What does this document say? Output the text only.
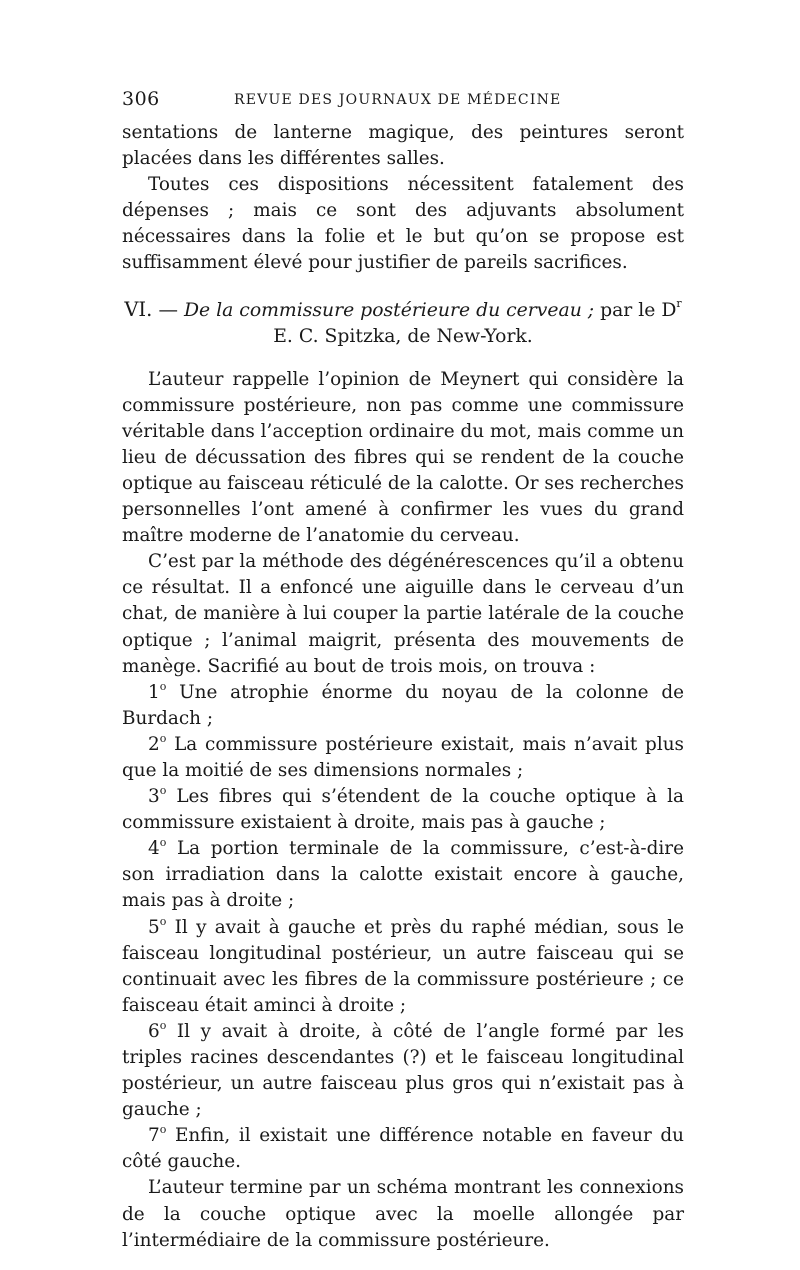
306	REVUE DES JOURNAUX DE MÉDECINE

sentations de lanterne magique, des peintures seront placées dans les différentes salles.

Toutes ces dispositions nécessitent fatalement des dépenses ; mais ce sont des adjuvants absolument nécessaires dans la folie et le but qu’on se propose est suffisamment élevé pour justifier de pareils sacrifices.

VI. — De la commissure postérieure du cerveau ; par le $D^r$ E. C. Spitzka, de New-York.

L’auteur rappelle l’opinion de Meynert qui considère la commissure postérieure, non pas comme une commissure véritable dans l’acception ordinaire du mot, mais comme un lieu de décussation des fibres qui se rendent de la couche optique au faisceau réticulé de la calotte. Or ses recherches personnelles l’ont amené à confirmer les vues du grand maître moderne de l’anatomie du cerveau.

C’est par la méthode des dégénérescences qu’il a obtenu ce résultat. Il a enfoncé une aiguille dans le cerveau d’un chat, de manière à lui couper la partie latérale de la couche optique ; l’animal maigrit, présenta des mouvements de manège. Sacrifié au bout de trois mois, on trouva :

1$^o$ Une atrophie énorme du noyau de la colonne de Burdach ;

2$^o$ La commissure postérieure existait, mais n’avait plus que la moitié de ses dimensions normales ;

3$^o$ Les fibres qui s’étendent de la couche optique à la commissure existaient à droite, mais pas à gauche ;

4$^o$ La portion terminale de la commissure, c’est-à-dire son irradiation dans la calotte existait encore à gauche, mais pas à droite ;

5$^o$ Il y avait à gauche et près du raphé médian, sous le faisceau longitudinal postérieur, un autre faisceau qui se continuait avec les fibres de la commissure postérieure ; ce faisceau était aminci à droite ;

6$^o$ Il y avait à droite, à côté de l’angle formé par les triples racines descendantes (?) et le faisceau longitudinal postérieur, un autre faisceau plus gros qui n’existait pas à gauche ;

7$^o$ Enfin, il existait une différence notable en faveur du côté gauche.

L’auteur termine par un schéma montrant les connexions de la couche optique avec la moelle allongée par l’intermédiaire de la commissure postérieure.
